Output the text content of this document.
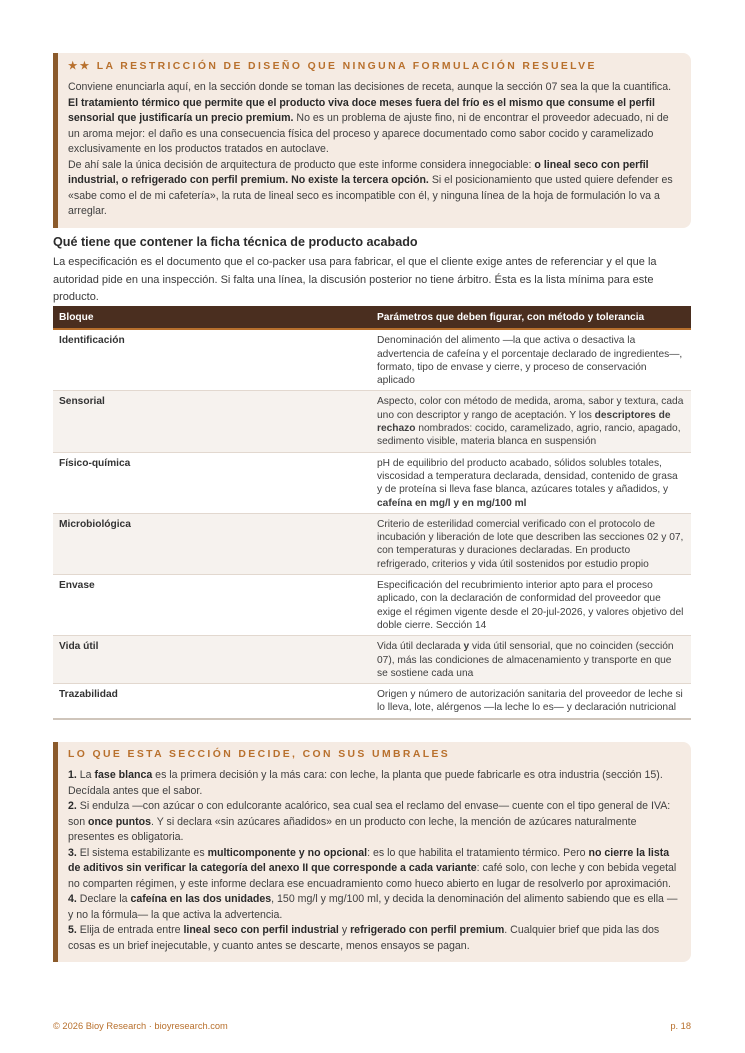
★★ LA RESTRICCIÓN DE DISEÑO QUE NINGUNA FORMULACIÓN RESUELVE
Conviene enunciarla aquí, en la sección donde se toman las decisiones de receta, aunque la sección 07 sea la que la cuantifica. El tratamiento térmico que permite que el producto viva doce meses fuera del frío es el mismo que consume el perfil sensorial que justificaría un precio premium. No es un problema de ajuste fino, ni de encontrar el proveedor adecuado, ni de un aroma mejor: el daño es una consecuencia física del proceso y aparece documentado como sabor cocido y caramelizado exclusivamente en los productos tratados en autoclave.
De ahí sale la única decisión de arquitectura de producto que este informe considera innegociable: o lineal seco con perfil industrial, o refrigerado con perfil premium. No existe la tercera opción. Si el posicionamiento que usted quiere defender es «sabe como el de mi cafetería», la ruta de lineal seco es incompatible con él, y ninguna línea de la hoja de formulación lo va a arreglar.
Qué tiene que contener la ficha técnica de producto acabado
La especificación es el documento que el co-packer usa para fabricar, el que el cliente exige antes de referenciar y el que la autoridad pide en una inspección. Si falta una línea, la discusión posterior no tiene árbitro. Ésta es la lista mínima para este producto.
Bloque	Parámetros que deben figurar, con método y tolerancia
Identificación	Denominación del alimento —la que activa o desactiva la advertencia de cafeína y el porcentaje declarado de ingredientes—, formato, tipo de envase y cierre, y proceso de conservación aplicado
Sensorial	Aspecto, color con método de medida, aroma, sabor y textura, cada uno con descriptor y rango de aceptación. Y los descriptores de rechazo nombrados: cocido, caramelizado, agrio, rancio, apagado, sedimento visible, materia blanca en suspensión
Físico-química	pH de equilibrio del producto acabado, sólidos solubles totales, viscosidad a temperatura declarada, densidad, contenido de grasa y de proteína si lleva fase blanca, azúcares totales y añadidos, y cafeína en mg/l y en mg/100 ml
Microbiológica	Criterio de esterilidad comercial verificado con el protocolo de incubación y liberación de lote que describen las secciones 02 y 07, con temperaturas y duraciones declaradas. En producto refrigerado, criterios y vida útil sostenidos por estudio propio
Envase	Especificación del recubrimiento interior apto para el proceso aplicado, con la declaración de conformidad del proveedor que exige el régimen vigente desde el 20-jul-2026, y valores objetivo del doble cierre. Sección 14
Vida útil	Vida útil declarada y vida útil sensorial, que no coinciden (sección 07), más las condiciones de almacenamiento y transporte en que se sostiene cada una
Trazabilidad	Origen y número de autorización sanitaria del proveedor de leche si lo lleva, lote, alérgenos —la leche lo es— y declaración nutricional
LO QUE ESTA SECCIÓN DECIDE, CON SUS UMBRALES
1. La fase blanca es la primera decisión y la más cara: con leche, la planta que puede fabricarle es otra industria (sección 15). Decídala antes que el sabor.
2. Si endulza —con azúcar o con edulcorante acalórico, sea cual sea el reclamo del envase— cuente con el tipo general de IVA: son once puntos. Y si declara «sin azúcares añadidos» en un producto con leche, la mención de azúcares naturalmente presentes es obligatoria.
3. El sistema estabilizante es multicomponente y no opcional: es lo que habilita el tratamiento térmico. Pero no cierre la lista de aditivos sin verificar la categoría del anexo II que corresponde a cada variante: café solo, con leche y con bebida vegetal no comparten régimen, y este informe declara ese encuadramiento como hueco abierto en lugar de resolverlo por aproximación.
4. Declare la cafeína en las dos unidades, 150 mg/l y mg/100 ml, y decida la denominación del alimento sabiendo que es ella —y no la fórmula— la que activa la advertencia.
5. Elija de entrada entre lineal seco con perfil industrial y refrigerado con perfil premium. Cualquier brief que pida las dos cosas es un brief inejecutable, y cuanto antes se descarte, menos ensayos se pagan.
© 2026 Bioy Research · bioyresearch.com	p. 18
